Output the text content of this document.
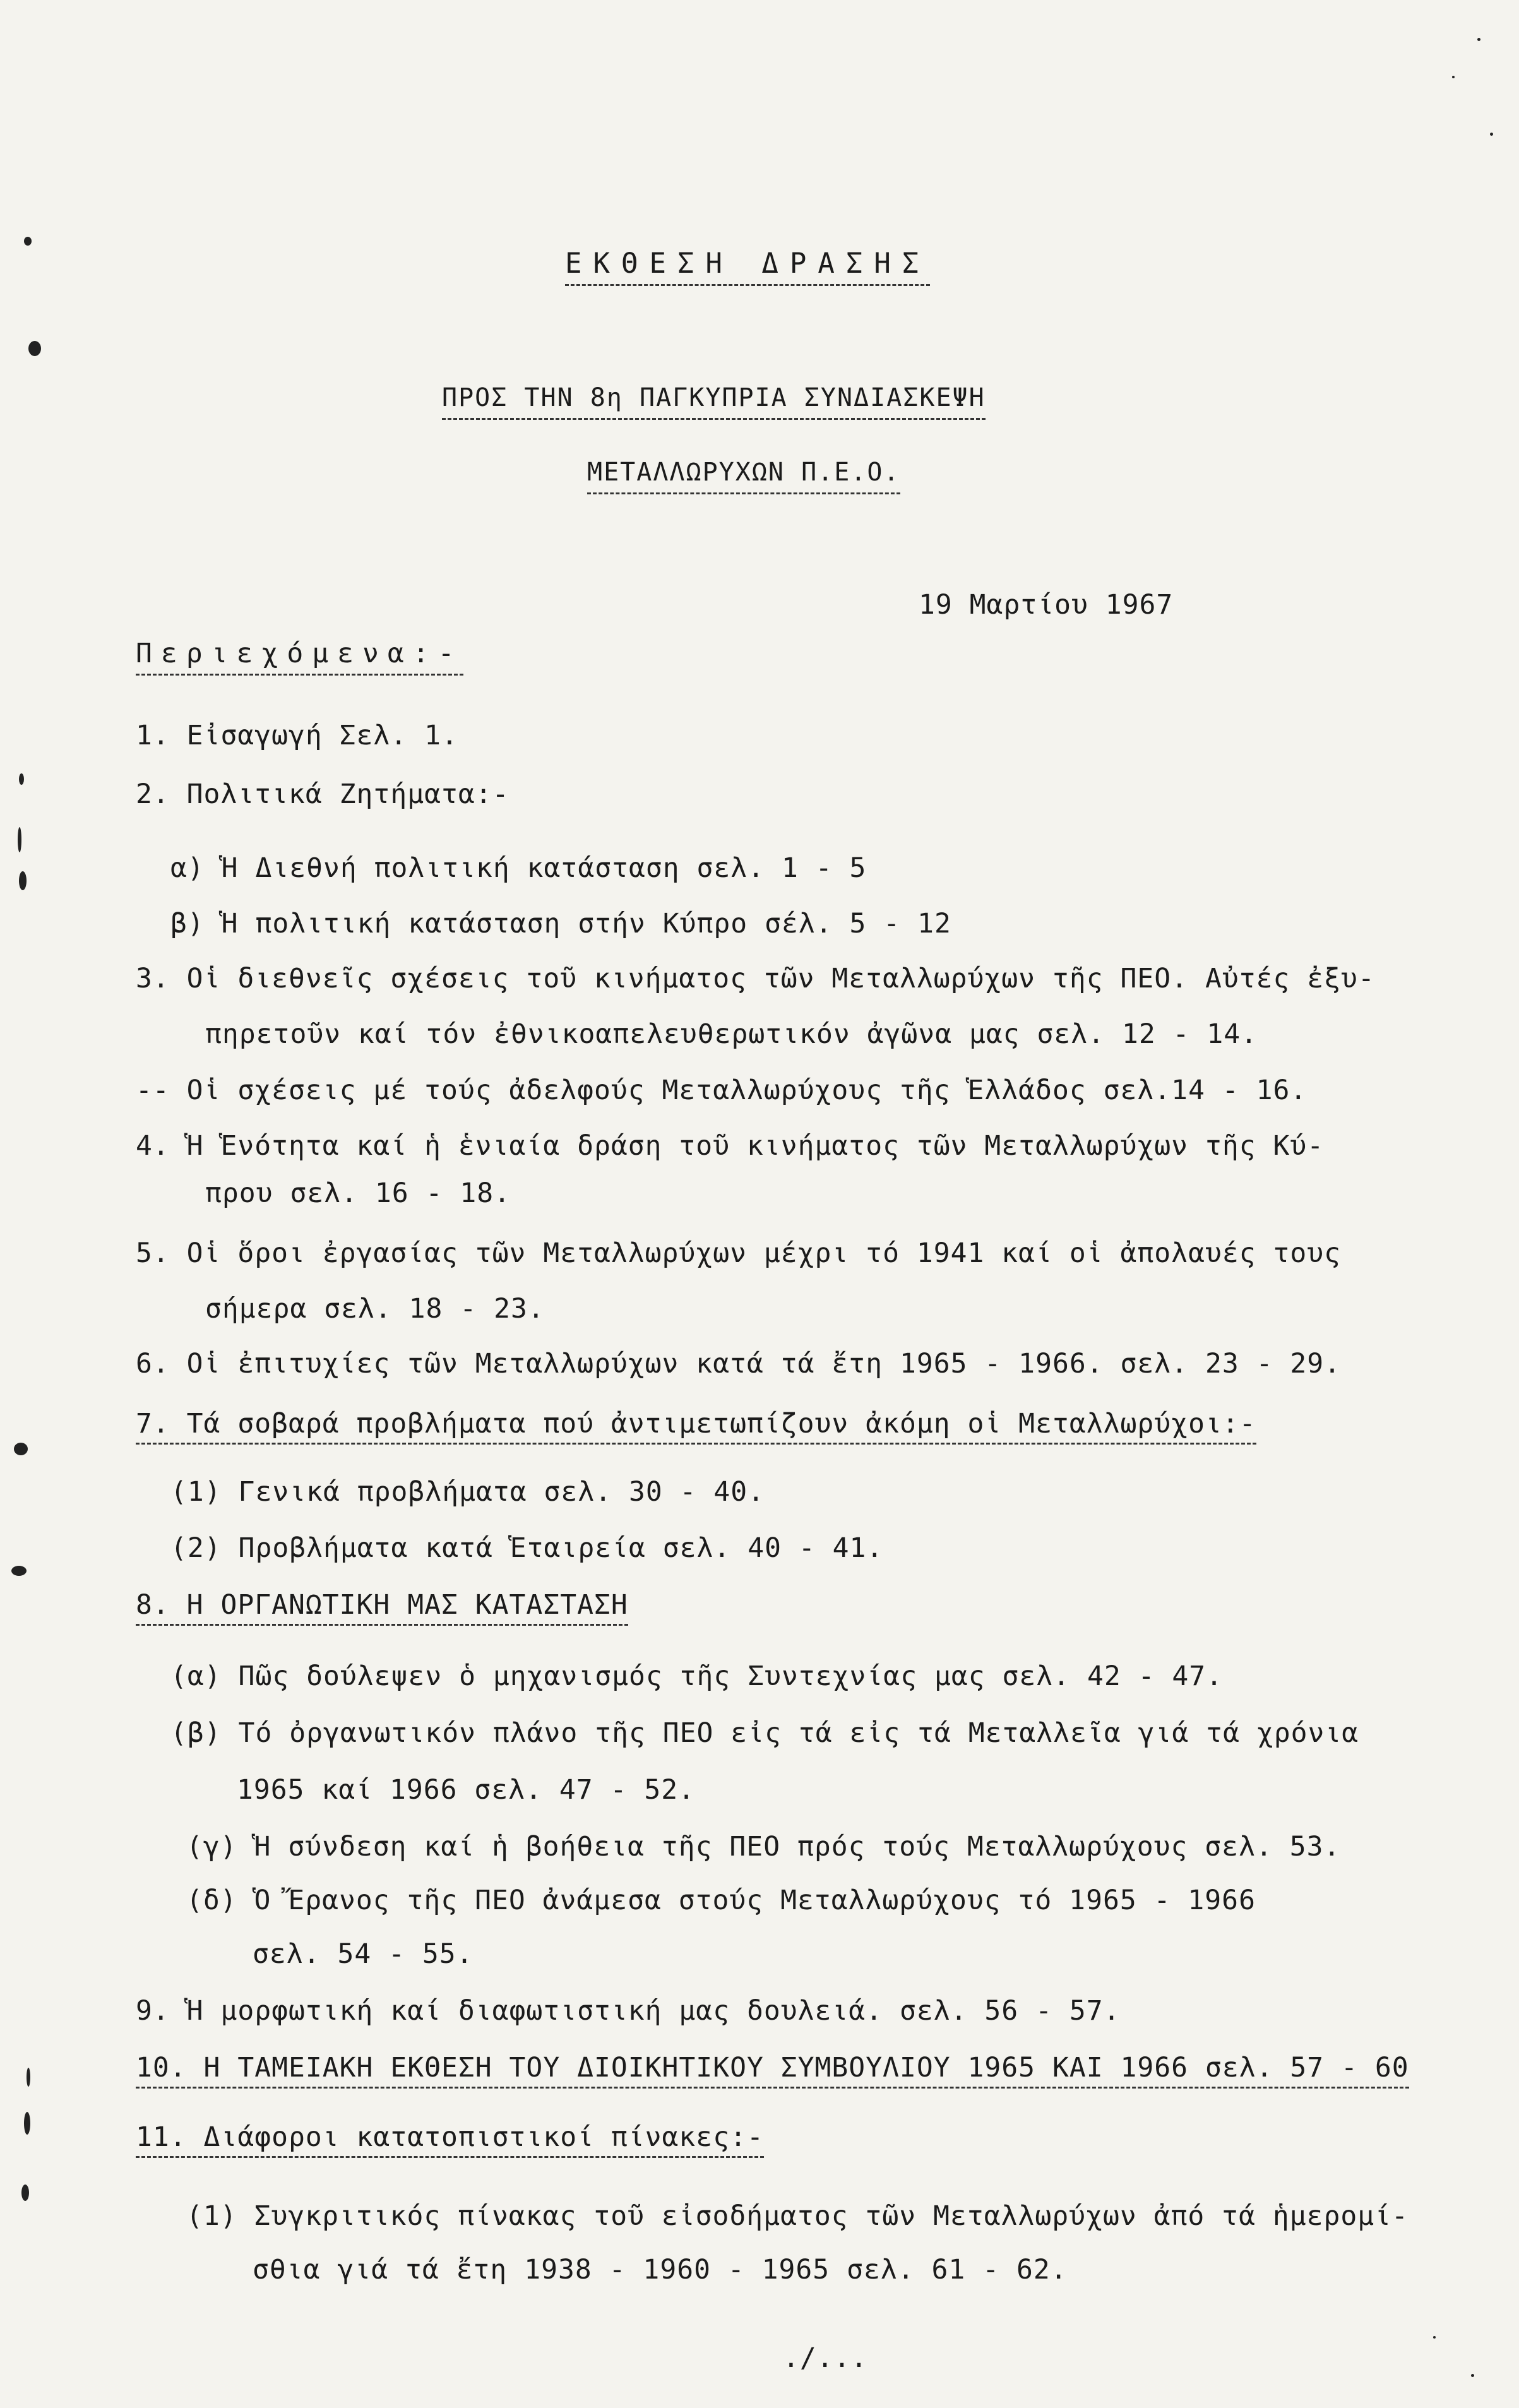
ΕΚΘΕΣΗ ΔΡΑΣΗΣ
ΠΡΟΣ ΤΗΝ 8η ΠΑΓΚΥΠΡΙΑ ΣΥΝΔΙΑΣΚΕΨΗ
ΜΕΤΑΛΛΩΡΥΧΩΝ Π.Ε.Ο.
19 Μαρτίου 1967
Περιεχόμενα:-
1. Εἰσαγωγή Σελ. 1.
2. Πολιτικά Ζητήματα:-
α) Ἡ Διεθνή πολιτική κατάσταση σελ. 1 - 5
β) Ἡ πολιτική κατάσταση στήν Κύπρο σέλ. 5 - 12
3. Οἱ διεθνεῖς σχέσεις τοῦ κινήματος τῶν Μεταλλωρύχων τῆς ΠΕΟ. Αὐτές ἐξυ-
πηρετοῦν καί τόν ἐθνικοαπελευθερωτικόν ἀγῶνα μας σελ. 12 - 14.
-- Οἱ σχέσεις μέ τούς ἀδελφούς Μεταλλωρύχους τῆς Ἑλλάδος σελ.14 - 16.
4. Ἡ Ἑνότητα καί ἡ ἑνιαία δράση τοῦ κινήματος τῶν Μεταλλωρύχων τῆς Κύ-
πρου σελ. 16 - 18.
5. Οἱ ὅροι ἐργασίας τῶν Μεταλλωρύχων μέχρι τό 1941 καί οἱ ἀπολαυές τους
σήμερα σελ. 18 - 23.
6. Οἱ ἐπιτυχίες τῶν Μεταλλωρύχων κατά τά ἔτη 1965 - 1966. σελ. 23 - 29.
7. Τά σοβαρά προβλήματα πού ἀντιμετωπίζουν ἀκόμη οἱ Μεταλλωρύχοι:-
(1) Γενικά προβλήματα σελ. 30 - 40.
(2) Προβλήματα κατά Ἑταιρεία σελ. 40 - 41.
8. Η ΟΡΓΑΝΩΤΙΚΗ ΜΑΣ ΚΑΤΑΣΤΑΣΗ
(α) Πῶς δούλεψεν ὁ μηχανισμός τῆς Συντεχνίας μας σελ. 42 - 47.
(β) Τό ὀργανωτικόν πλάνο τῆς ΠΕΟ εἰς τά εἰς τά Μεταλλεῖα γιά τά χρόνια
1965 καί 1966 σελ. 47 - 52.
(γ) Ἡ σύνδεση καί ἡ βοήθεια τῆς ΠΕΟ πρός τούς Μεταλλωρύχους σελ. 53.
(δ) Ὁ Ἔρανος τῆς ΠΕΟ ἀνάμεσα στούς Μεταλλωρύχους τό 1965 - 1966
σελ. 54 - 55.
9. Ἡ μορφωτική καί διαφωτιστική μας δουλειά. σελ. 56 - 57.
10. Η ΤΑΜΕΙΑΚΗ ΕΚΘΕΣΗ ΤΟΥ ΔΙΟΙΚΗΤΙΚΟΥ ΣΥΜΒΟΥΛΙΟΥ 1965 ΚΑΙ 1966 σελ. 57 - 60
11. Διάφοροι κατατοπιστικοί πίνακες:-
(1) Συγκριτικός πίνακας τοῦ εἰσοδήματος τῶν Μεταλλωρύχων ἀπό τά ἡμερομί-
σθια γιά τά ἔτη 1938 - 1960 - 1965 σελ. 61 - 62.
./...
